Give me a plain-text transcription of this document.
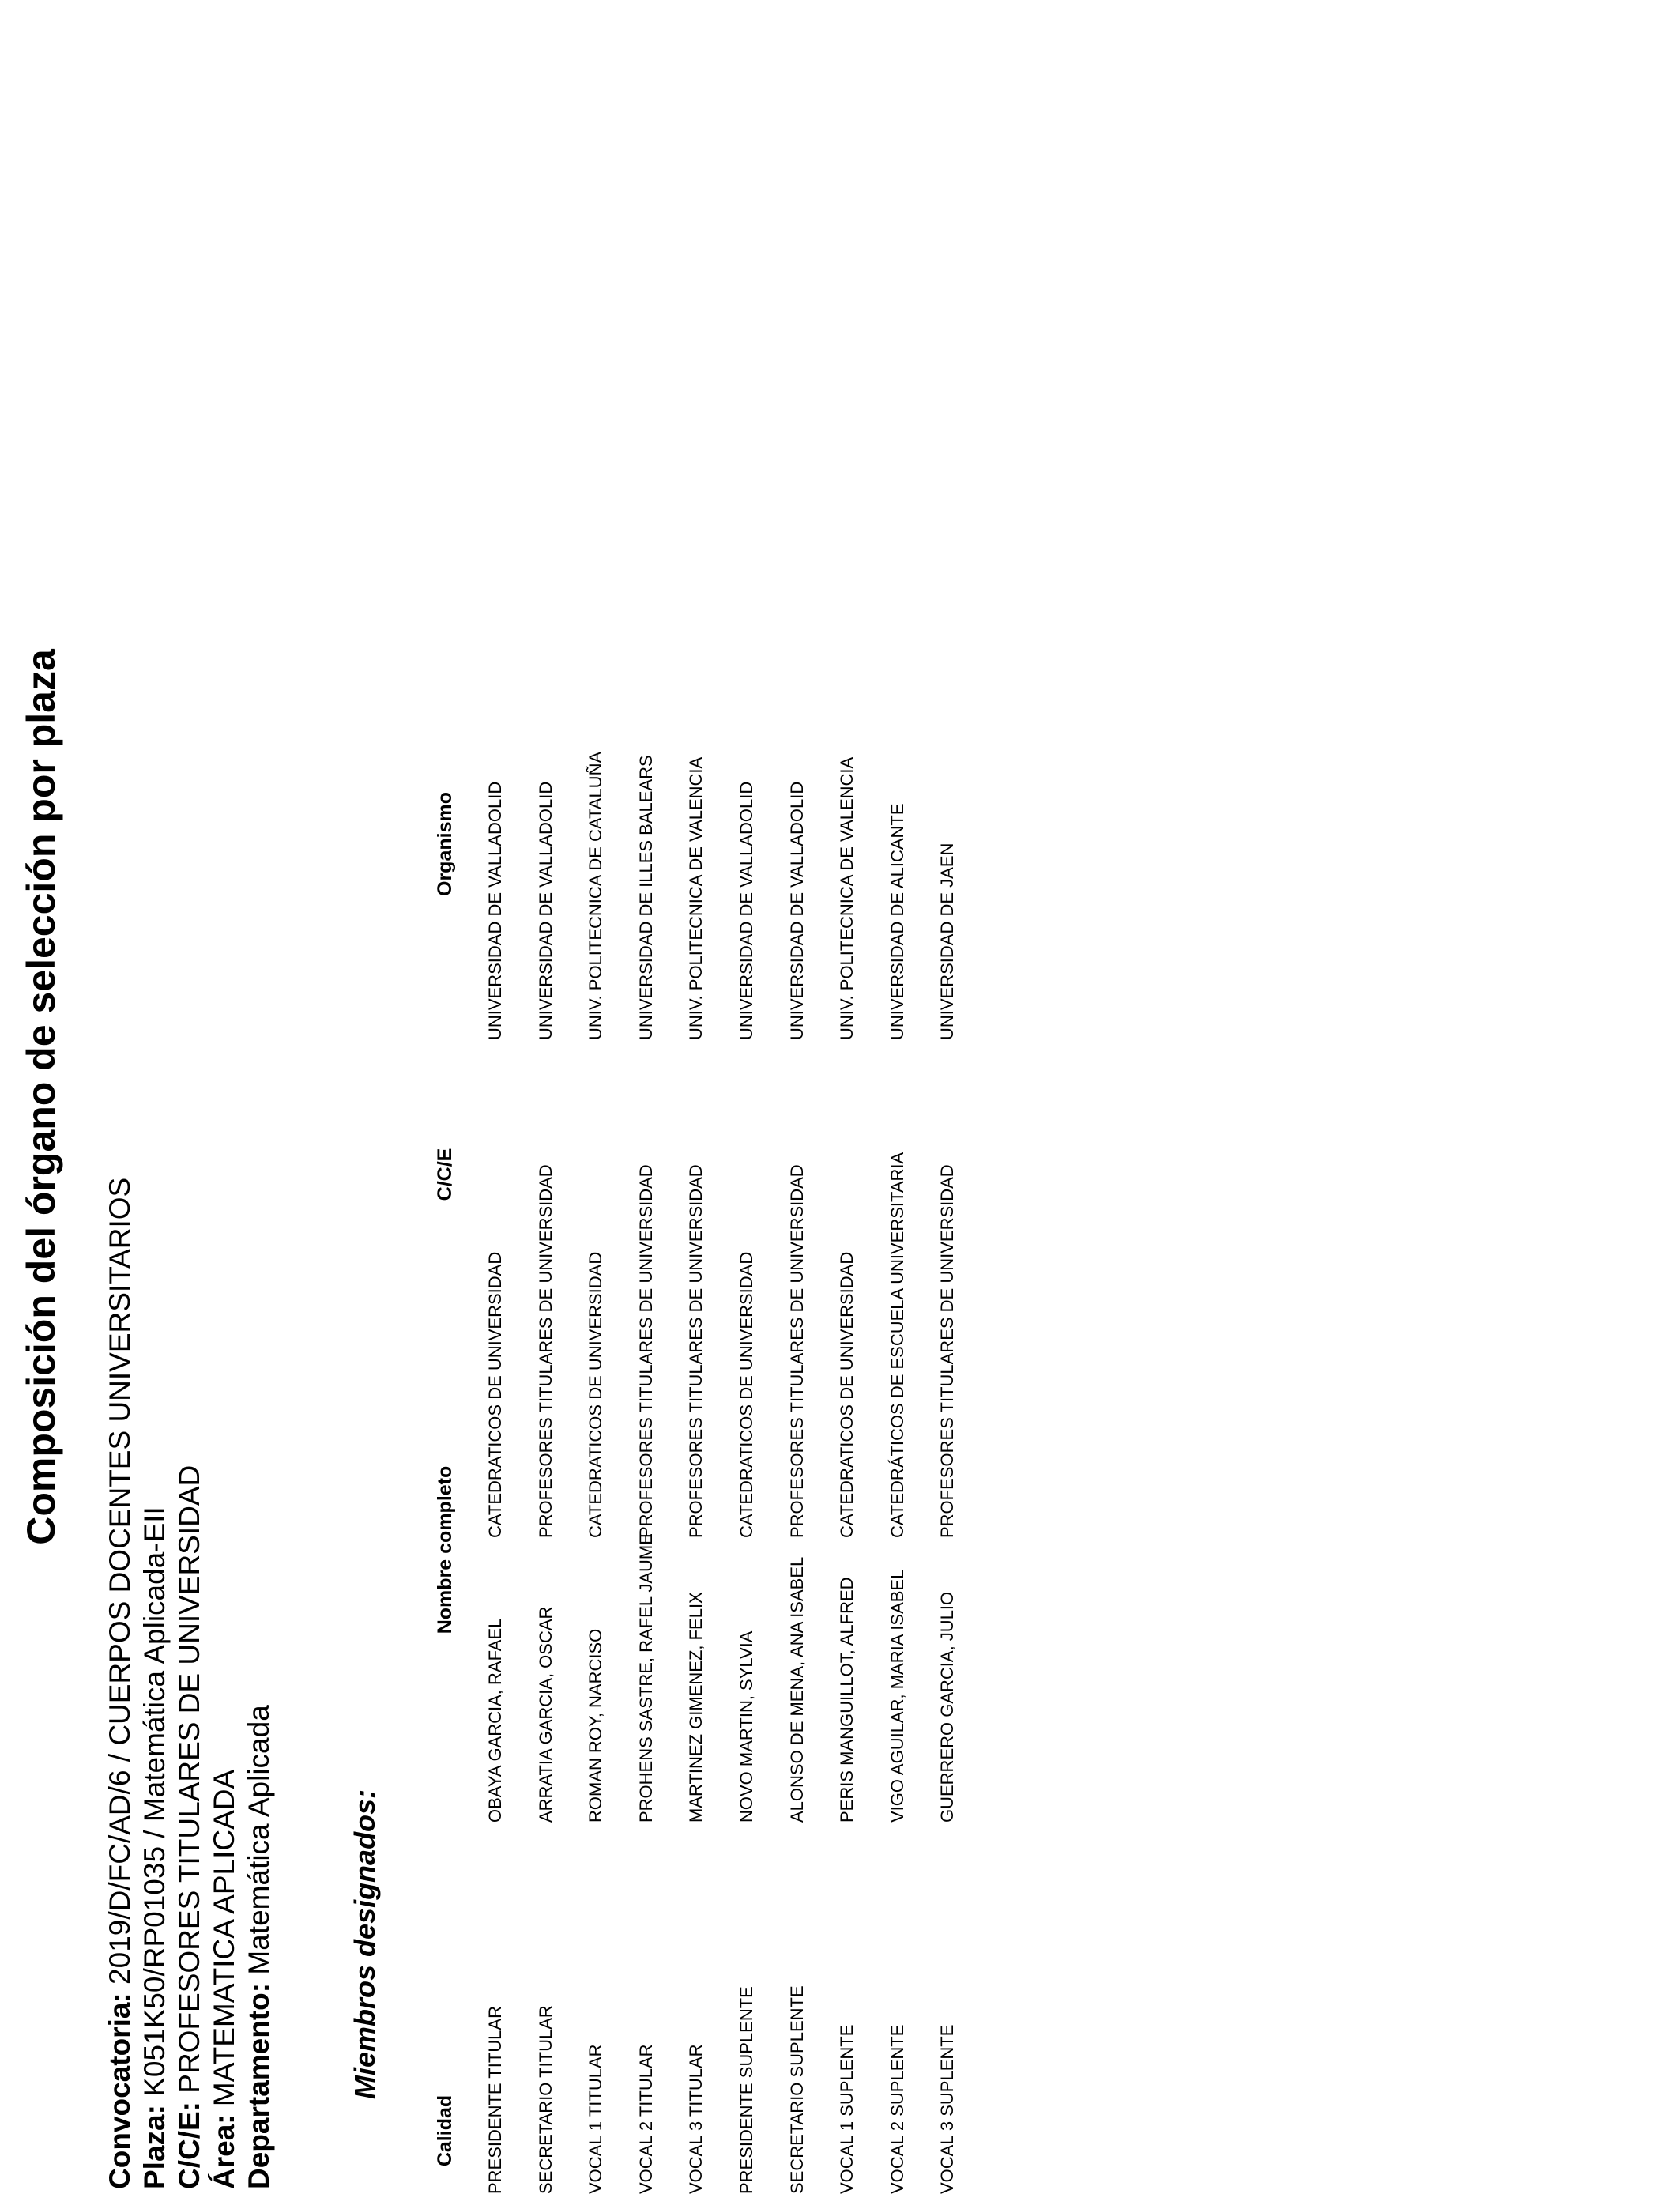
Composición del órgano de selección por plaza
Convocatoria: 2019/D/FC/AD/6 / CUERPOS DOCENTES UNIVERSITARIOS
Plaza: K051K50/RP01035 / Matemática Aplicada-EII
C/C/E: PROFESORES TITULARES DE UNIVERSIDAD
Área: MATEMATICA APLICADA Departamento: Matemática Aplicada	Miembros designados:
Calidad
Nombre completo
C/C/E
Organismo
PRESIDENTE TITULAR
OBAYA GARCIA, RAFAEL
CATEDRATICOS DE UNIVERSIDAD
UNIVERSIDAD DE VALLADOLID
SECRETARIO TITULAR
ARRATIA GARCIA, OSCAR
PROFESORES TITULARES DE UNIVERSIDAD
UNIVERSIDAD DE VALLADOLID
VOCAL 1 TITULAR
ROMAN ROY, NARCISO
CATEDRATICOS DE UNIVERSIDAD
UNIV. POLITECNICA DE CATALUÑA
VOCAL 2 TITULAR
PROHENS SASTRE, RAFEL JAUME
PROFESORES TITULARES DE UNIVERSIDAD
UNIVERSIDAD DE ILLES BALEARS
VOCAL 3 TITULAR
MARTINEZ GIMENEZ, FELIX
PROFESORES TITULARES DE UNIVERSIDAD
UNIV. POLITECNICA DE VALENCIA
PRESIDENTE SUPLENTE
NOVO MARTIN, SYLVIA
CATEDRATICOS DE UNIVERSIDAD
UNIVERSIDAD DE VALLADOLID
SECRETARIO SUPLENTE
ALONSO DE MENA, ANA ISABEL
PROFESORES TITULARES DE UNIVERSIDAD
UNIVERSIDAD DE VALLADOLID
VOCAL 1 SUPLENTE
PERIS MANGUILLOT, ALFRED
CATEDRATICOS DE UNIVERSIDAD
UNIV. POLITECNICA DE VALENCIA
VOCAL 2 SUPLENTE
VIGO AGUILAR, MARIA ISABEL
CATEDRÁTICOS DE ESCUELA UNIVERSITARIA
UNIVERSIDAD DE ALICANTE
VOCAL 3 SUPLENTE
GUERRERO GARCIA, JULIO
PROFESORES TITULARES DE UNIVERSIDAD
UNIVERSIDAD DE JAEN
